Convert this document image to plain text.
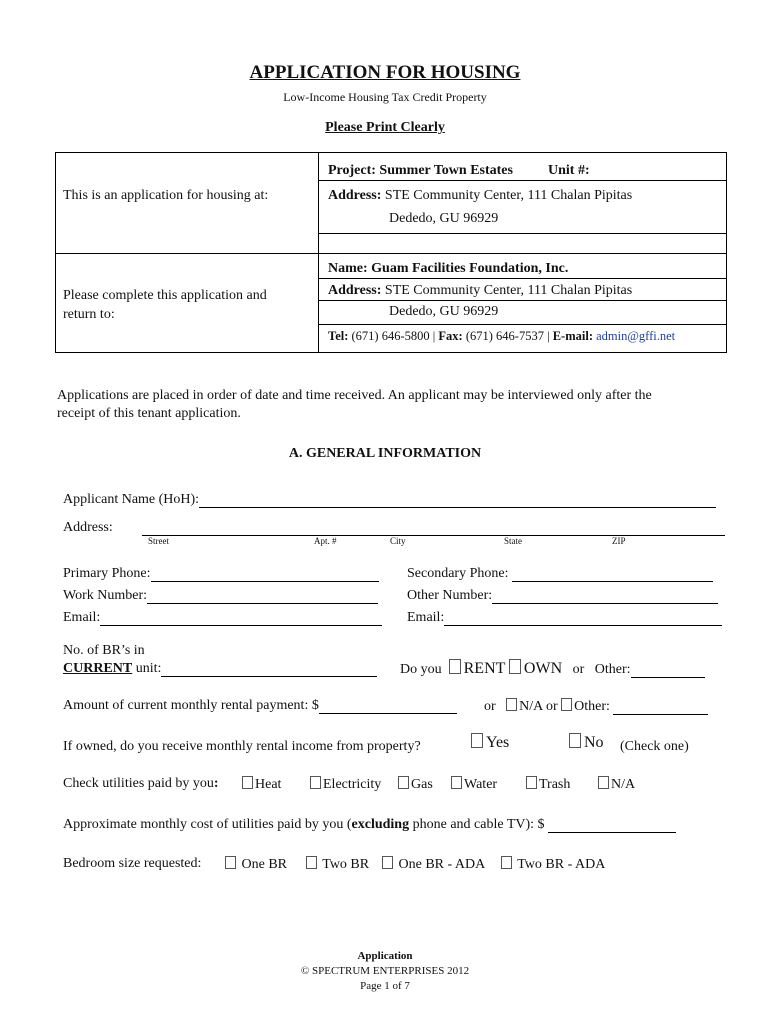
APPLICATION FOR HOUSING
Low-Income Housing Tax Credit Property
Please Print Clearly
This is an application for housing at:
Project: Summer Town Estates	Unit #:
Address: STE Community Center, 111 Chalan Pipitas
Dededo, GU 96929
Please complete this application and return to:
Name: Guam Facilities Foundation, Inc.
Address: STE Community Center, 111 Chalan Pipitas
Dededo, GU 96929
Tel: (671) 646-5800 | Fax: (671) 646-7537 | E-mail: admin@gffi.net
Applications are placed in order of date and time received. An applicant may be interviewed only after the
receipt of this tenant application.
A. GENERAL INFORMATION
Applicant Name (HoH):
Address:
Street	Apt. #	City	State	ZIP
Primary Phone:	Secondary Phone:
Work Number:	Other Number:
Email:	Email:
No. of BR’s in
CURRENT unit:	Do you RENT OWN or Other:
Amount of current monthly rental payment: $	or N/A or Other:
If owned, do you receive monthly rental income from property?	Yes	No (Check one)
Check utilities paid by you:	Heat	Electricity	Gas	Water	Trash	N/A
Approximate monthly cost of utilities paid by you (excluding phone and cable TV): $
Bedroom size requested:	One BR	Two BR	One BR - ADA	Two BR - ADA
Application
© SPECTRUM ENTERPRISES 2012
Page 1 of 7
